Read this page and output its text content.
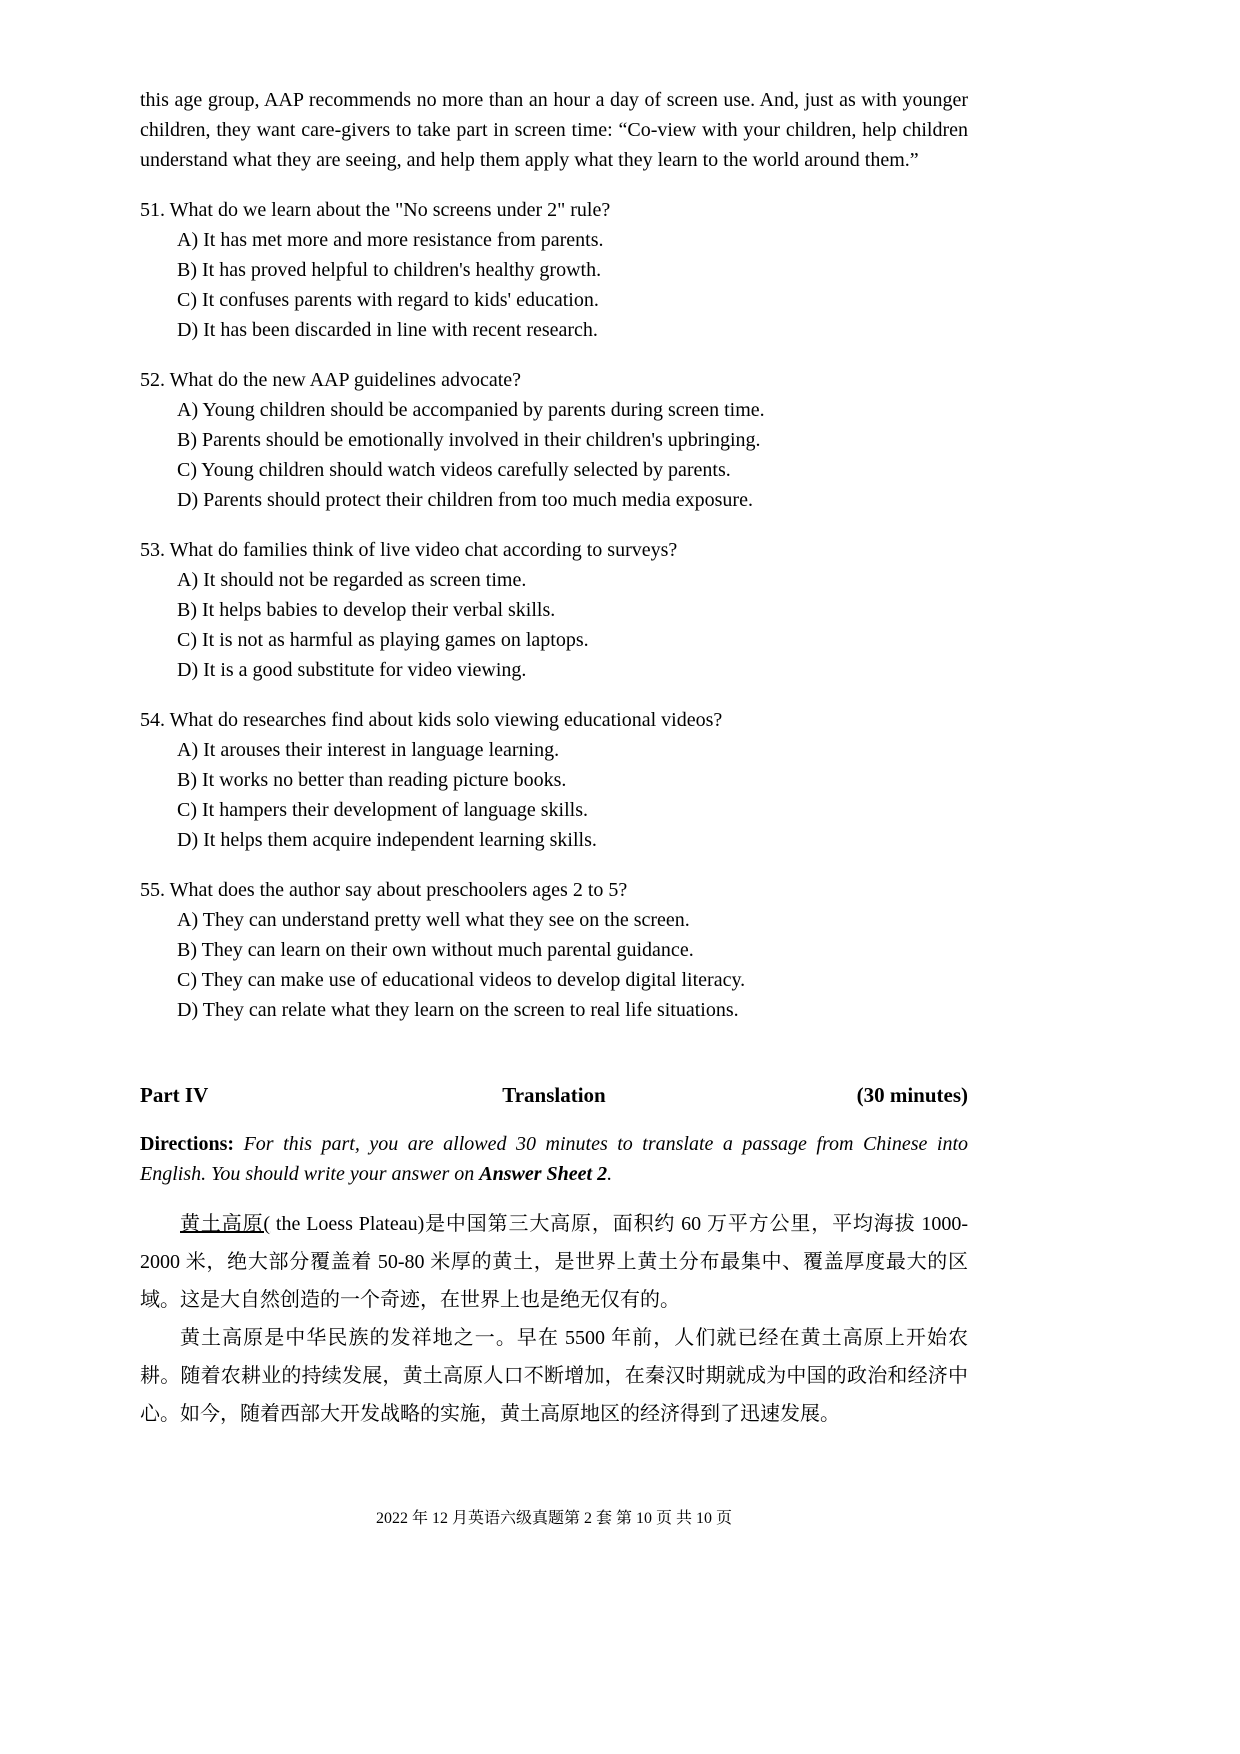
this age group, AAP recommends no more than an hour a day of screen use. And, just as with younger children, they want care-givers to take part in screen time: “Co-view with your children, help children understand what they are seeing, and help them apply what they learn to the world around them.”

51. What do we learn about the "No screens under 2" rule?

A) It has met more and more resistance from parents.

B) It has proved helpful to children's healthy growth.

C) It confuses parents with regard to kids' education.

D) It has been discarded in line with recent research.

52. What do the new AAP guidelines advocate?

A) Young children should be accompanied by parents during screen time.

B) Parents should be emotionally involved in their children's upbringing.

C) Young children should watch videos carefully selected by parents.

D) Parents should protect their children from too much media exposure.

53. What do families think of live video chat according to surveys?

A) It should not be regarded as screen time.

B) It helps babies to develop their verbal skills.

C) It is not as harmful as playing games on laptops.

D) It is a good substitute for video viewing.

54. What do researches find about kids solo viewing educational videos?

A) It arouses their interest in language learning.

B) It works no better than reading picture books.

C) It hampers their development of language skills.

D) It helps them acquire independent learning skills.

55. What does the author say about preschoolers ages 2 to 5?

A) They can understand pretty well what they see on the screen.

B) They can learn on their own without much parental guidance.

C) They can make use of educational videos to develop digital literacy.

D) They can relate what they learn on the screen to real life situations.

Part IV	Translation	(30 minutes)

Directions: For this part, you are allowed 30 minutes to translate a passage from Chinese into English. You should write your answer on Answer Sheet 2.

黄土高原( the Loess Plateau)是中国第三大高原，面积约 60 万平方公里，平均海拔 1000-2000 米，绝大部分覆盖着 50-80 米厚的黄土，是世界上黄土分布最集中、覆盖厚度最大的区域。这是大自然创造的一个奇迹，在世界上也是绝无仅有的。

黄土高原是中华民族的发祥地之一。早在 5500 年前，人们就已经在黄土高原上开始农耕。随着农耕业的持续发展，黄土高原人口不断增加，在秦汉时期就成为中国的政治和经济中心。如今，随着西部大开发战略的实施，黄土高原地区的经济得到了迅速发展。

2022 年 12 月英语六级真题第 2 套 第 10 页 共 10 页
